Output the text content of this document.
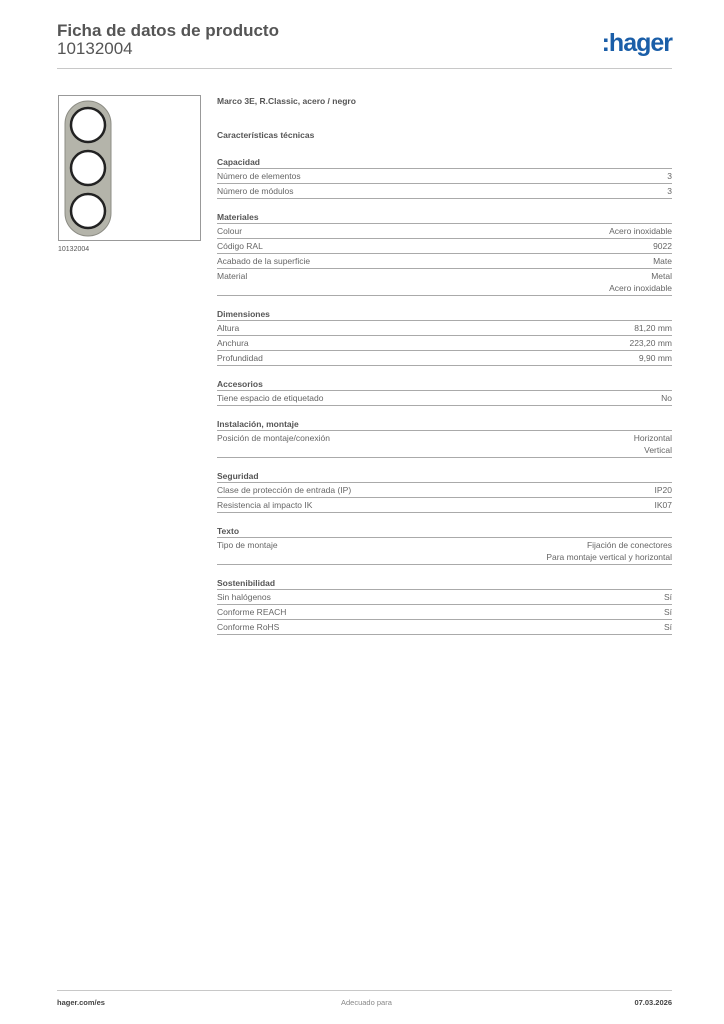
Ficha de datos de producto
10132004	:hager
10132004
Marco 3E, R.Classic, acero / negro
Características técnicas
Capacidad
Número de elementos	3
Número de módulos	3
Materiales
Colour	Acero inoxidable
Código RAL	9022
Acabado de la superficie	Mate
Material	Metal
Acero inoxidable
Dimensiones
Altura	81,20 mm
Anchura	223,20 mm
Profundidad	9,90 mm
Accesorios
Tiene espacio de etiquetado	No
Instalación, montaje
Posición de montaje/conexión	Horizontal
Vertical
Seguridad
Clase de protección de entrada (IP)	IP20
Resistencia al impacto IK	IK07
Texto
Tipo de montaje	Fijación de conectores
Para montaje vertical y horizontal
Sostenibilidad
Sin halógenos	Sí
Conforme REACH	Sí
Conforme RoHS	Sí
hager.com/es	Adecuado para	07.03.2026
